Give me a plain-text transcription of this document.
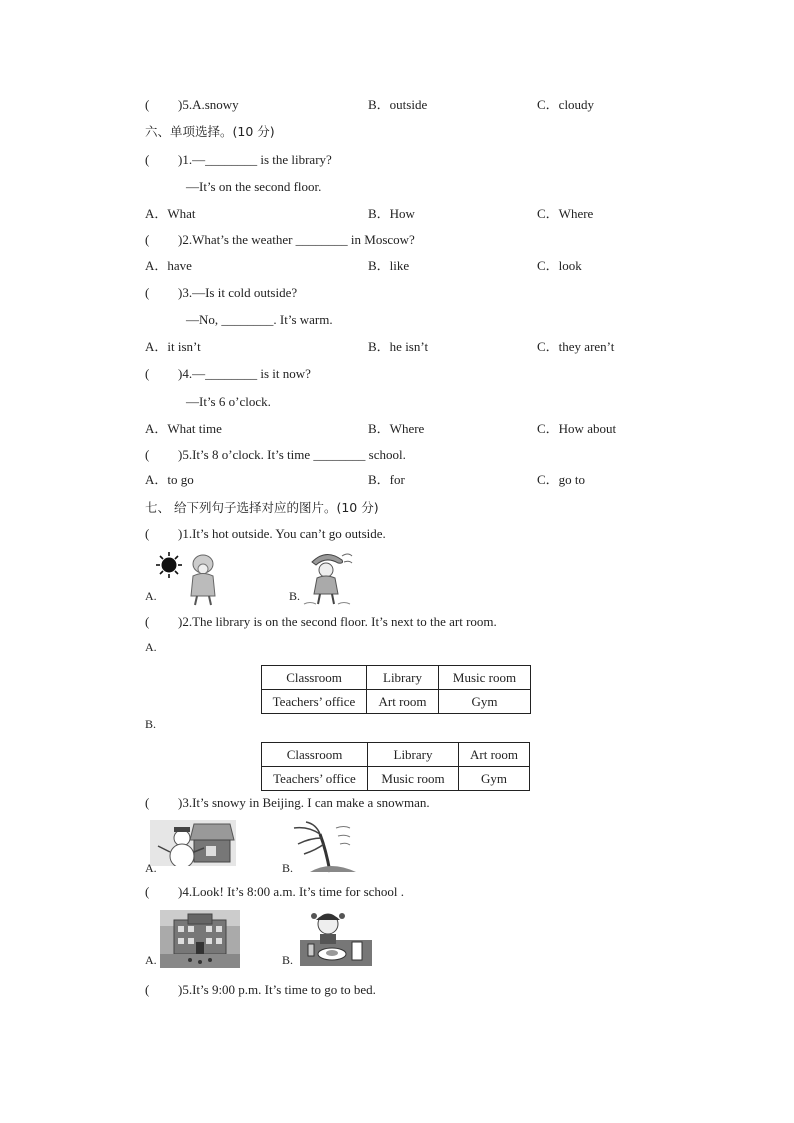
( )5.A.snowy	B．outside	C．cloudy
六、单项选择。(10 分)
( )1.—________ is the library?
—It’s on the second floor.
A．What	B．How	C．Where
( )2.What’s the weather ________ in Moscow?
A．have	B．like	C．look
( )3.—Is it cold outside?
—No, ________. It’s warm.
A．it isn’t	B．he isn’t	C．they aren’t
( )4.—________ is it now?
—It’s 6 o’clock.
A．What time	B．Where	C．How about
( )5.It’s 8 o’clock. It’s time ________ school.
A．to go	B．for	C．go to
七、 给下列句子选择对应的图片。(10 分)
( )1.It’s hot outside. You can’t go outside.
A.	B.
( )2.The library is on the second floor. It’s next to the art room.
A.
Classroom	Library	Music room
Teachers’ office	Art room	Gym
B.
Classroom	Library	Art room
Teachers’ office	Music room	Gym
( )3.It’s snowy in Beijing. I can make a snowman.
A.	B.
( )4.Look! It’s 8:00 a.m. It’s time for school .
A.	B.
( )5.It’s 9:00 p.m. It’s time to go to bed.
